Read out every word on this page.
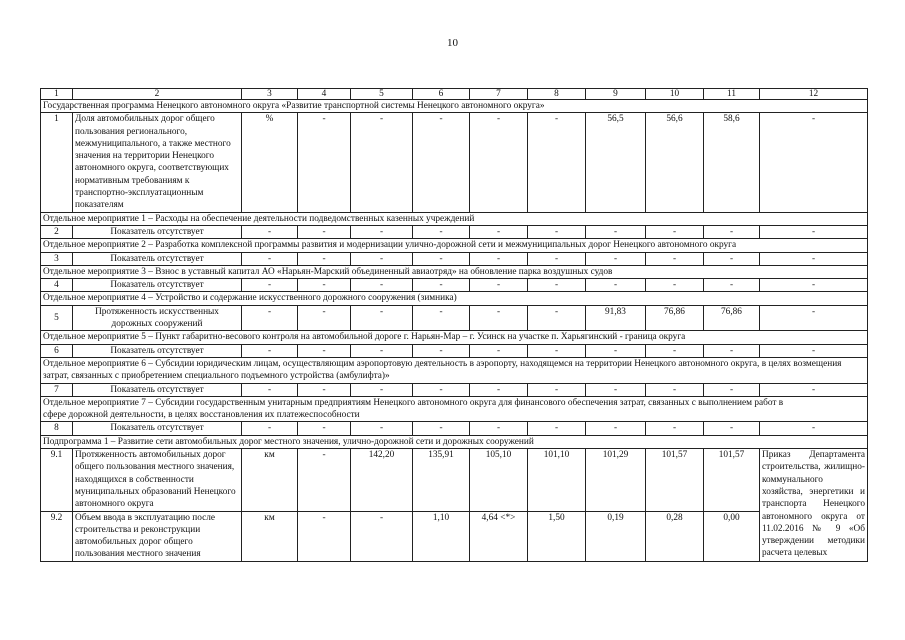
10
1	2	3	4	5	6	7	8	9	10	11	12
Государственная программа Ненецкого автономного округа «Развитие транспортной системы Ненецкого автономного округа»											
1	Доля автомобильных дорог общего пользования регионального, межмуниципального, а также местного значения на территории Ненецкого автономного округа, соответствующих нормативным требованиям к транспортно-эксплуатационным показателям	%	-	-	-	-	-	56,5	56,6	58,6	-
Отдельное мероприятие 1 – Расходы на обеспечение деятельности подведомственных казенных учреждений											
2	Показатель отсутствует	-	-	-	-	-	-	-	-	-	-
Отдельное мероприятие 2 – Разработка комплексной программы развития и модернизации улично-дорожной сети и межмуниципальных дорог Ненецкого автономного округа											
3	Показатель отсутствует	-	-	-	-	-	-	-	-	-	-
Отдельное мероприятие 3 – Взнос в уставный капитал АО «Нарьян-Марский объединенный авиаотряд» на обновление парка воздушных судов											
4	Показатель отсутствует	-	-	-	-	-	-	-	-	-	-
Отдельное мероприятие 4 – Устройство и содержание искусственного дорожного сооружения (зимника)											
5	Протяженность искусственных дорожных сооружений	-	-	-	-	-	-	91,83	76,86	76,86	-
Отдельное мероприятие 5 – Пункт габаритно-весового контроля на автомобильной дороге г. Нарьян-Мар – г. Усинск на участке п. Харьягинский - граница округа											
6	Показатель отсутствует	-	-	-	-	-	-	-	-	-	-
Отдельное мероприятие 6 – Субсидии юридическим лицам, осуществляющим аэропортовую деятельность в аэропорту, находящемся на территории Ненецкого автономного округа, в целях возмещения затрат, связанных с приобретением специального подъемного устройства (амбулифта)»											
7	Показатель отсутствует	-	-	-	-	-	-	-	-	-	-
Отдельное мероприятие 7 – Субсидии государственным унитарным предприятиям Ненецкого автономного округа для финансового обеспечения затрат, связанных с выполнением работ в сфере дорожной деятельности, в целях восстановления их платежеспособности											
8	Показатель отсутствует	-	-	-	-	-	-	-	-	-	-
Подпрограмма 1 – Развитие сети автомобильных дорог местного значения, улично-дорожной сети и дорожных сооружений											
9.1	Протяженность автомобильных дорог общего пользования местного значения, находящихся в собственности муниципальных образований Ненецкого автономного округа	км	-	142,20	135,91	105,10	101,10	101,29	101,57	101,57	Приказ Департамента строительства, жилищно-коммунального хозяйства, энергетики и транспорта Ненецкого автономного округа от 11.02.2016 № 9 «Об утверждении методики расчета целевых
9.2	Объем ввода в эксплуатацию после строительства и реконструкции автомобильных дорог общего пользования местного значения	км	-	-	1,10	4,64 <*>	1,50	0,19	0,28	0,00	
